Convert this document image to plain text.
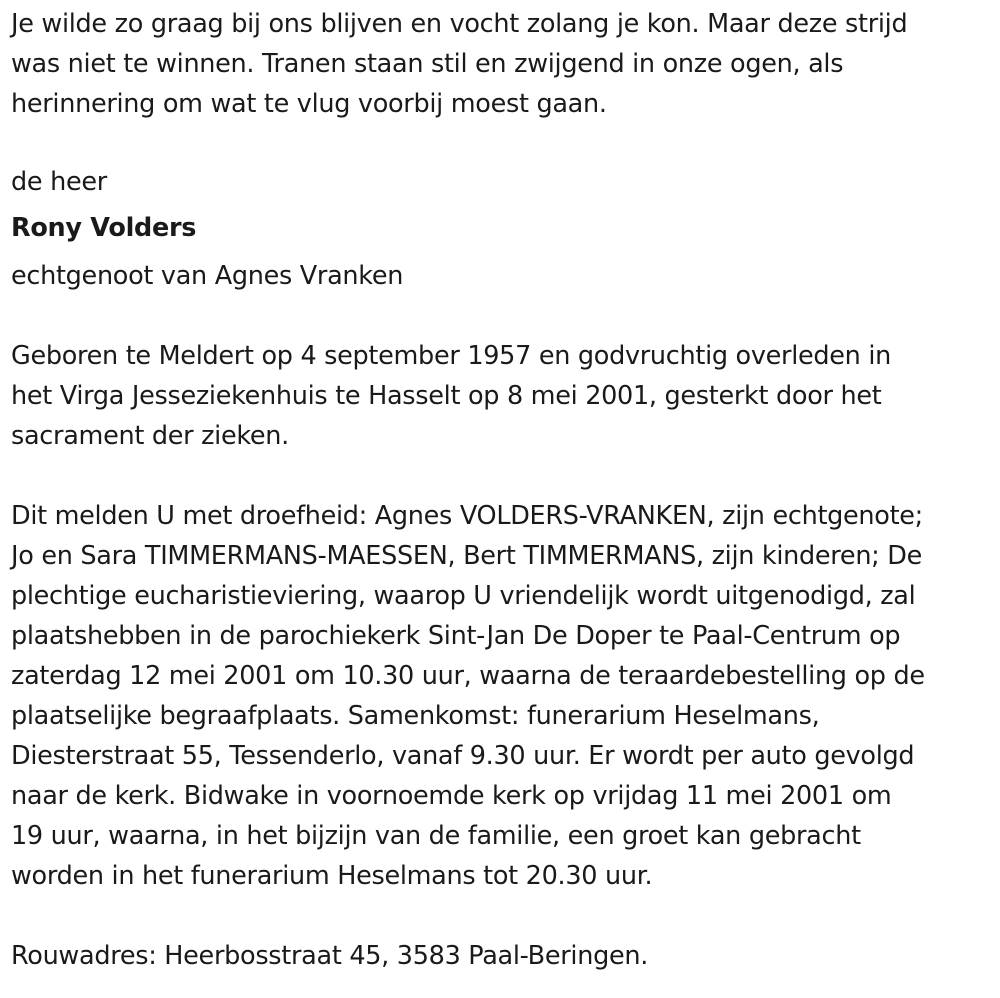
Je wilde zo graag bij ons blijven en vocht zolang je kon. Maar deze strijd
was niet te winnen. Tranen staan stil en zwijgend in onze ogen, als
herinnering om wat te vlug voorbij moest gaan.

de heer
Rony Volders
echtgenoot van Agnes Vranken

Geboren te Meldert op 4 september 1957 en godvruchtig overleden in
het Virga Jesseziekenhuis te Hasselt op 8 mei 2001, gesterkt door het
sacrament der zieken.

Dit melden U met droefheid: Agnes VOLDERS-VRANKEN, zijn echtgenote;
Jo en Sara TIMMERMANS-MAESSEN, Bert TIMMERMANS, zijn kinderen; De
plechtige eucharistieviering, waarop U vriendelijk wordt uitgenodigd, zal
plaatshebben in de parochiekerk Sint-Jan De Doper te Paal-Centrum op
zaterdag 12 mei 2001 om 10.30 uur, waarna de teraardebestelling op de
plaatselijke begraafplaats. Samenkomst: funerarium Heselmans,
Diesterstraat 55, Tessenderlo, vanaf 9.30 uur. Er wordt per auto gevolgd
naar de kerk. Bidwake in voornoemde kerk op vrijdag 11 mei 2001 om
19 uur, waarna, in het bijzijn van de familie, een groet kan gebracht
worden in het funerarium Heselmans tot 20.30 uur.

Rouwadres: Heerbosstraat 45, 3583 Paal-Beringen.
